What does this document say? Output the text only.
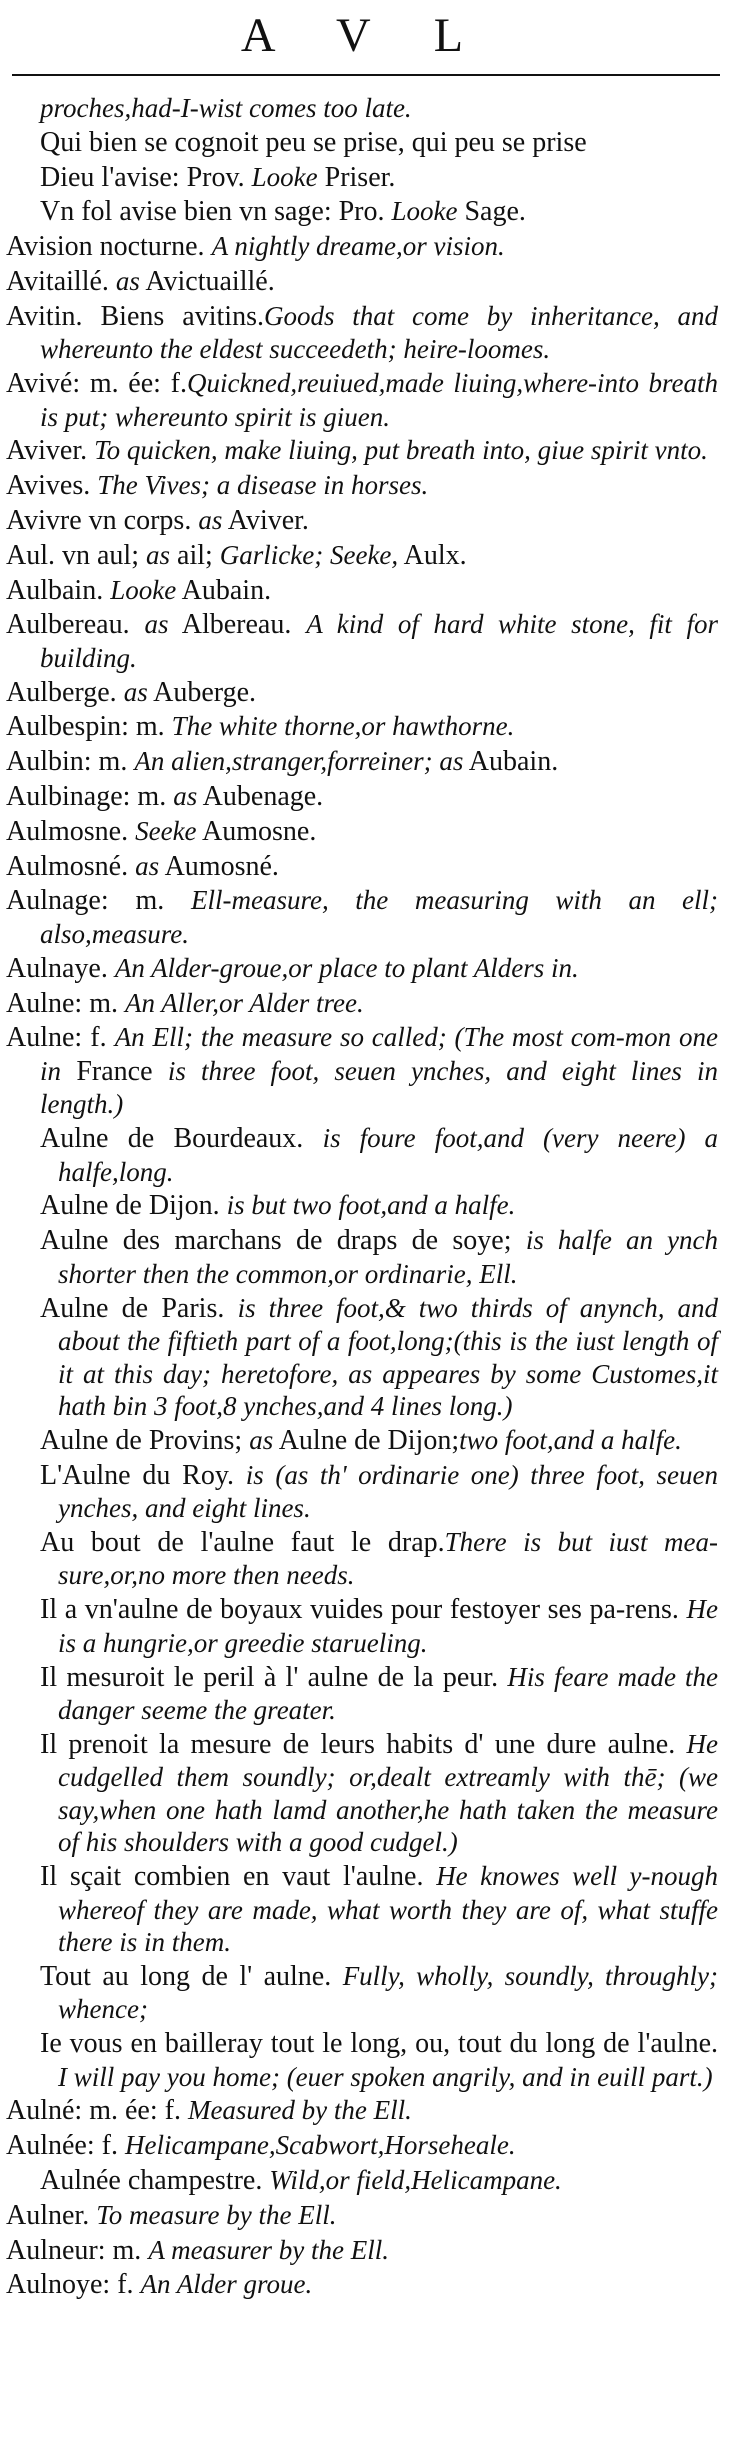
A V L
proches,had-I-wist comes too late.
Qui bien se cognoit peu se prise, qui peu se prise
Dieu l'avise: Prov. Looke Priser.
Vn fol avise bien vn sage: Pro. Looke Sage.
Avision nocturne. A nightly dreame,or vision.
Avitaillé. as Avictuaillé.
Avitin. Biens avitins.Goods that come by inheritance, and whereunto the eldest succeedeth; heire-loomes.
Avivé: m. ée: f.Quickned,reuiued,made liuing,where-into breath is put; whereunto spirit is giuen.
Aviver. To quicken, make liuing, put breath into, giue spirit vnto.
Avives. The Vives; a disease in horses.
Avivre vn corps. as Aviver.
Aul. vn aul; as ail; Garlicke; Seeke, Aulx.
Aulbain. Looke Aubain.
Aulbereau. as Albereau. A kind of hard white stone, fit for building.
Aulberge. as Auberge.
Aulbespin: m. The white thorne,or hawthorne.
Aulbin: m. An alien,stranger,forreiner; as Aubain.
Aulbinage: m. as Aubenage.
Aulmosne. Seeke Aumosne.
Aulmosné. as Aumosné.
Aulnage: m. Ell-measure, the measuring with an ell; also,measure.
Aulnaye. An Alder-groue,or place to plant Alders in.
Aulne: m. An Aller,or Alder tree.
Aulne: f. An Ell; the measure so called; (The most com-mon one in France is three foot, seuen ynches, and eight lines in length.)
Aulne de Bourdeaux. is foure foot,and (very neere) a halfe,long.
Aulne de Dijon. is but two foot,and a halfe.
Aulne des marchans de draps de soye; is halfe an ynch shorter then the common,or ordinarie, Ell.
Aulne de Paris. is three foot,& two thirds of anynch, and about the fiftieth part of a foot,long;(this is the iust length of it at this day; heretofore, as appeares by some Customes,it hath bin 3 foot,8 ynches,and 4 lines long.)
Aulne de Provins; as Aulne de Dijon;two foot,and a halfe.
L'Aulne du Roy. is (as th' ordinarie one) three foot, seuen ynches, and eight lines.
Au bout de l'aulne faut le drap.There is but iust mea-sure,or,no more then needs.
Il a vn'aulne de boyaux vuides pour festoyer ses pa-rens. He is a hungrie,or greedie starueling.
Il mesuroit le peril à l' aulne de la peur. His feare made the danger seeme the greater.
Il prenoit la mesure de leurs habits d' une dure aulne. He cudgelled them soundly; or,dealt extreamly with thē; (we say,when one hath lamd another,he hath taken the measure of his shoulders with a good cudgel.)
Il sçait combien en vaut l'aulne. He knowes well y-nough whereof they are made, what worth they are of, what stuffe there is in them.
Tout au long de l' aulne. Fully, wholly, soundly, throughly; whence;
Ie vous en bailleray tout le long, ou, tout du long de l'aulne. I will pay you home; (euer spoken angrily, and in euill part.)
Aulné: m. ée: f. Measured by the Ell.
Aulnée: f. Helicampane,Scabwort,Horseheale.
Aulnée champestre. Wild,or field,Helicampane.
Aulner. To measure by the Ell.
Aulneur: m. A measurer by the Ell.
Aulnoye: f. An Alder groue.
